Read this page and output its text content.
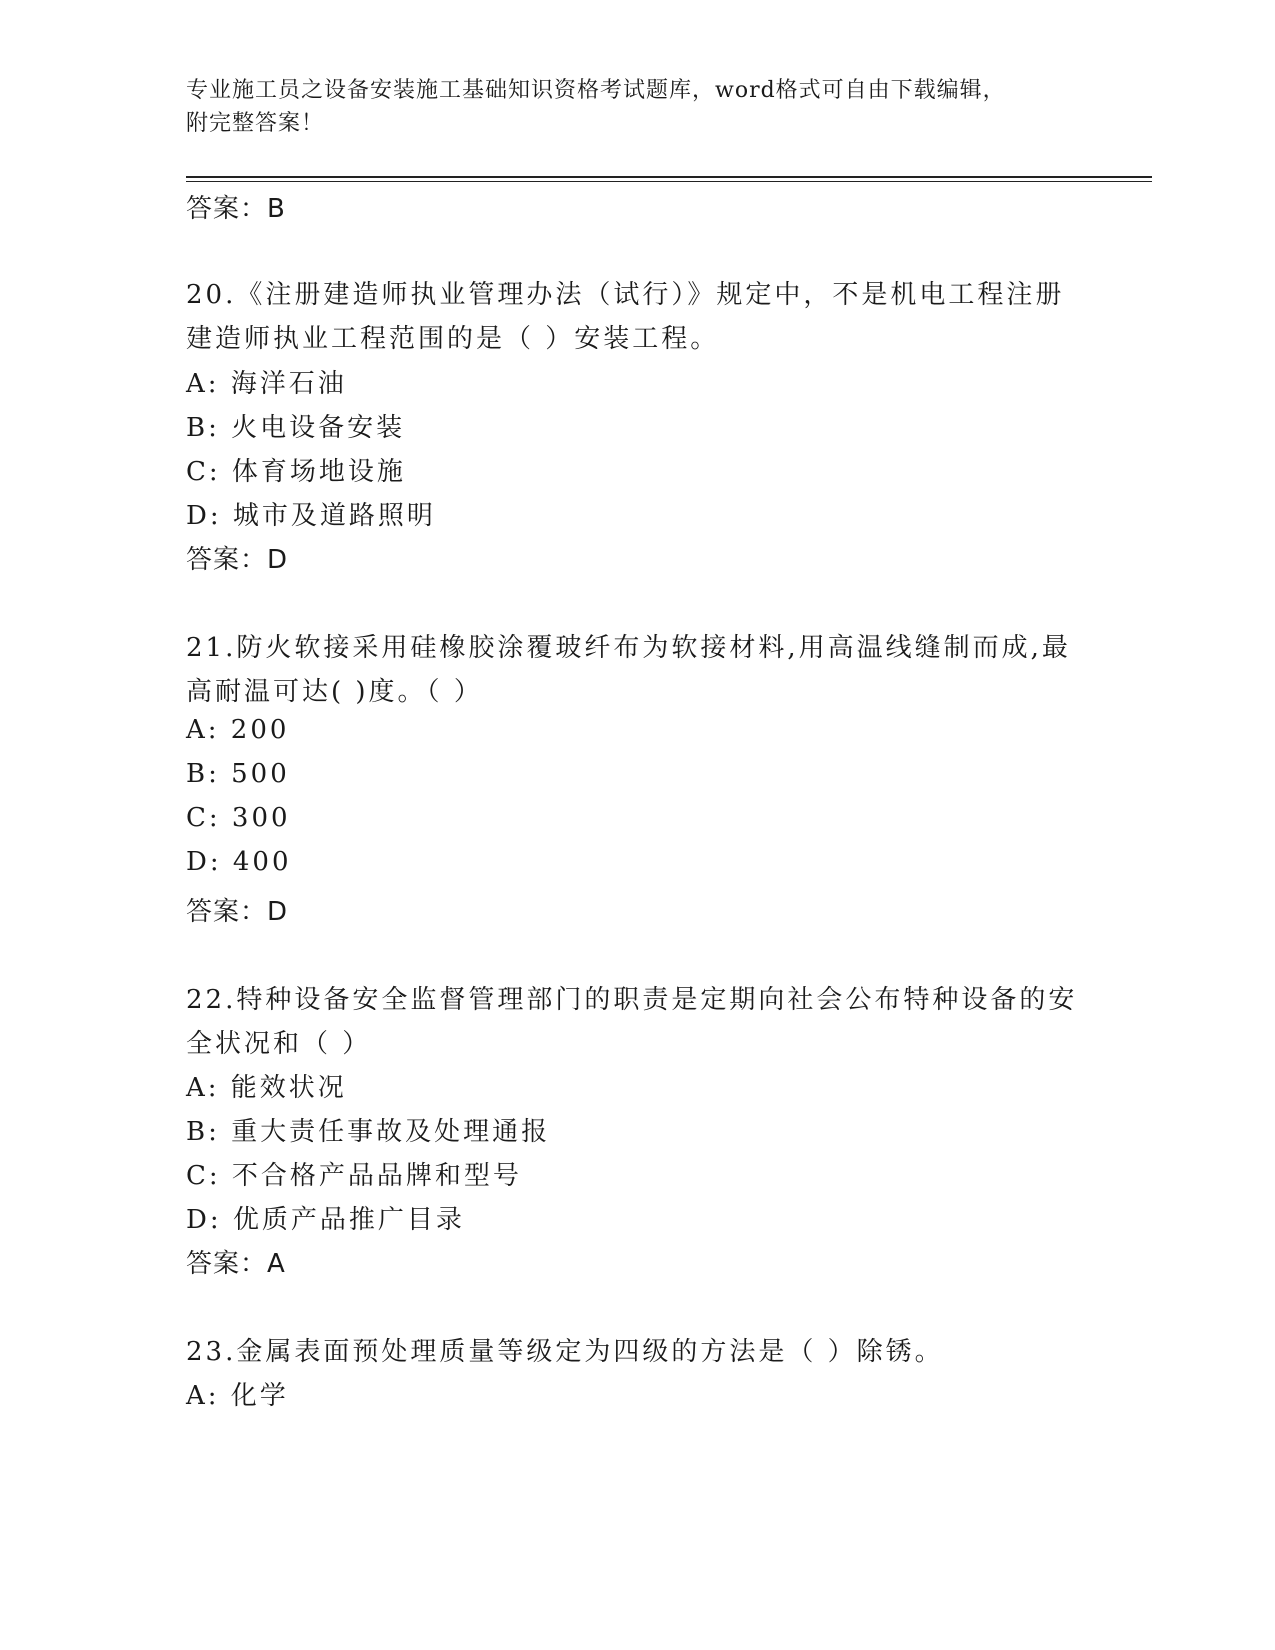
专业施工员之设备安装施工基础知识资格考试题库，word格式可自由下载编辑，
附完整答案！
答案：B
20.《注册建造师执业管理办法（试行）》规定中，不是机电工程注册
建造师执业工程范围的是（ ）安装工程。
A: 海洋石油
B: 火电设备安装
C: 体育场地设施
D: 城市及道路照明
答案：D
21.防火软接采用硅橡胶涂覆玻纤布为软接材料,用高温线缝制而成,最
高耐温可达( )度。（ ）
A: 200
B: 500
C: 300
D: 400
答案：D
22.特种设备安全监督管理部门的职责是定期向社会公布特种设备的安
全状况和（ ）
A: 能效状况
B: 重大责任事故及处理通报
C: 不合格产品品牌和型号
D: 优质产品推广目录
答案：A
23.金属表面预处理质量等级定为四级的方法是（ ）除锈。
A: 化学
